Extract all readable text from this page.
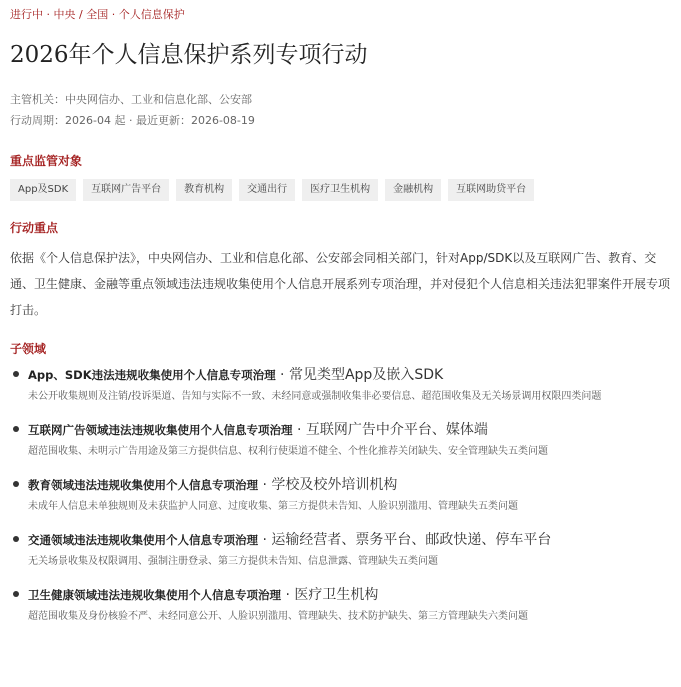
进行中 · 中央 / 全国 · 个人信息保护
2026年个人信息保护系列专项行动
主管机关：中央网信办、工业和信息化部、公安部
行动周期：2026-04 起 · 最近更新：2026-08-19
重点监管对象
App及SDK	互联网广告平台	教育机构	交通出行	医疗卫生机构	金融机构	互联网助贷平台
行动重点

依据《个人信息保护法》，中央网信办、工业和信息化部、公安部会同相关部门，针对App/SDK以及互联网广告、教育、交通、卫生健康、金融等重点领域违法违规收集使用个人信息开展系列专项治理，并对侵犯个人信息相关违法犯罪案件开展专项打击。

子领域
App、SDK违法违规收集使用个人信息专项治理 · 常见类型App及嵌入SDK
未公开收集规则及注销/投诉渠道、告知与实际不一致、未经同意或强制收集非必要信息、超范围收集及无关场景调用权限四类问题
互联网广告领域违法违规收集使用个人信息专项治理 · 互联网广告中介平台、媒体端
超范围收集、未明示广告用途及第三方提供信息、权利行使渠道不健全、个性化推荐关闭缺失、安全管理缺失五类问题
教育领域违法违规收集使用个人信息专项治理 · 学校及校外培训机构
未成年人信息未单独规则及未获监护人同意、过度收集、第三方提供未告知、人脸识别滥用、管理缺失五类问题
交通领域违法违规收集使用个人信息专项治理 · 运输经营者、票务平台、邮政快递、停车平台
无关场景收集及权限调用、强制注册登录、第三方提供未告知、信息泄露、管理缺失五类问题
卫生健康领域违法违规收集使用个人信息专项治理 · 医疗卫生机构
超范围收集及身份核验不严、未经同意公开、人脸识别滥用、管理缺失、技术防护缺失、第三方管理缺失六类问题
